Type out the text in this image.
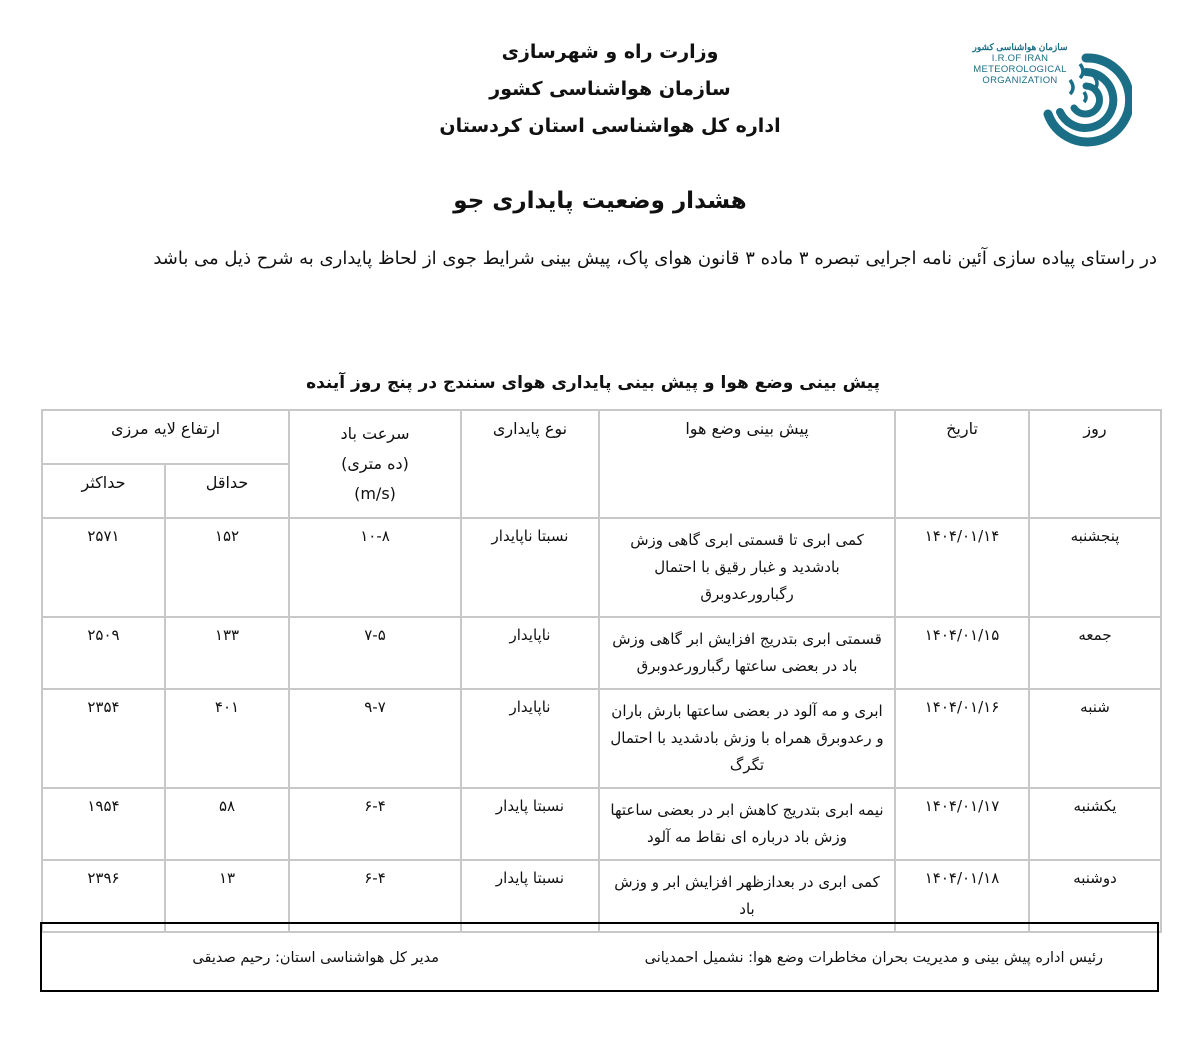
سازمان هواشناسی کشور
I.R.OF IRAN
METEOROLOGICAL
ORGANIZATION
وزارت راه و شهرسازی
سازمان هواشناسی کشور
اداره کل هواشناسی استان کردستان
هشدار وضعیت پایداری جو
در راستای پیاده سازی آئین نامه اجرایی تبصره ۳ ماده ۳ قانون هوای پاک، پیش بینی شرایط جوی از لحاظ پایداری به شرح ذیل می باشد
پیش بینی وضع هوا و پیش بینی پایداری هوای سنندج در پنج روز آینده
روز	تاریخ	پیش بینی وضع هوا	نوع پایداری	سرعت باد
(ده متری)
(m/s)	ارتفاع لایه مرزی	
					حداقل	حداکثر
پنجشنبه	۱۴۰۴/۰۱/۱۴	کمی ابری تا قسمتی ابری گاهی وزش بادشدید و غبار رقیق با احتمال رگبارورعدوبرق	نسبتا ناپایدار	۱۰-۸	۱۵۲	۲۵۷۱
جمعه	۱۴۰۴/۰۱/۱۵	قسمتی ابری بتدریج افزایش ابر گاهی وزش باد در بعضی ساعتها رگبارورعدوبرق	ناپایدار	۷-۵	۱۳۳	۲۵۰۹
شنبه	۱۴۰۴/۰۱/۱۶	ابری و مه آلود در بعضی ساعتها بارش باران و رعدوبرق همراه با وزش بادشدید با احتمال تگرگ	ناپایدار	۹-۷	۴۰۱	۲۳۵۴
یکشنبه	۱۴۰۴/۰۱/۱۷	نیمه ابری بتدریج کاهش ابر در بعضی ساعتها وزش باد درباره ای نقاط مه آلود	نسبتا پایدار	۶-۴	۵۸	۱۹۵۴
دوشنبه	۱۴۰۴/۰۱/۱۸	کمی ابری در بعدازظهر افزایش ابر و وزش باد	نسبتا پایدار	۶-۴	۱۳	۲۳۹۶
رئیس اداره پیش بینی و مدیریت بحران مخاطرات وضع هوا: نشمیل احمدیانی
مدیر کل هواشناسی استان: رحیم صدیقی
